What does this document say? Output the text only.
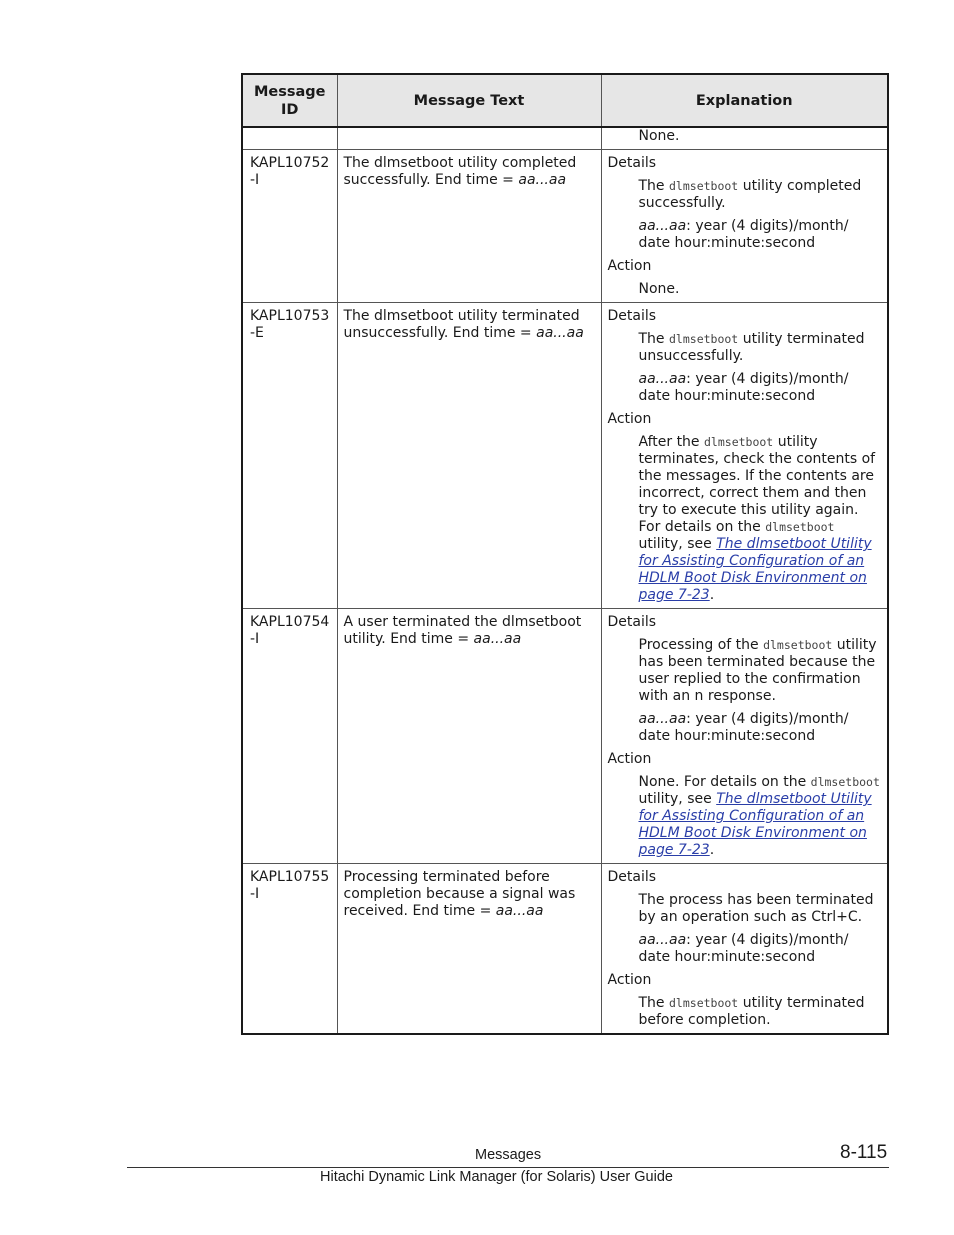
Message ID	Message Text	Explanation

		None.

KAPL10752 -I	The dlmsetboot utility completed successfully. End time = aa...aa	Details
The dlmsetboot utility completed successfully.
aa...aa: year (4 digits)/month/ date hour:minute:second
Action
None.

KAPL10753 -E	The dlmsetboot utility terminated unsuccessfully. End time = aa...aa	Details
The dlmsetboot utility terminated unsuccessfully.
aa...aa: year (4 digits)/month/ date hour:minute:second
Action
After the dlmsetboot utility terminates, check the contents of the messages. If the contents are incorrect, correct them and then try to execute this utility again. For details on the dlmsetboot utility, see The dlmsetboot Utility for Assisting Configuration of an HDLM Boot Disk Environment on page 7-23.

KAPL10754 -I	A user terminated the dlmsetboot utility. End time = aa...aa	Details
Processing of the dlmsetboot utility has been terminated because the user replied to the confirmation with an n response.
aa...aa: year (4 digits)/month/ date hour:minute:second
Action
None. For details on the dlmsetboot utility, see The dlmsetboot Utility for Assisting Configuration of an HDLM Boot Disk Environment on page 7-23.

KAPL10755 -I	Processing terminated before completion because a signal was received. End time = aa...aa	Details
The process has been terminated by an operation such as Ctrl+C.
aa...aa: year (4 digits)/month/ date hour:minute:second
Action
The dlmsetboot utility terminated before completion.
Messages	8-115
Hitachi Dynamic Link Manager (for Solaris) User Guide
